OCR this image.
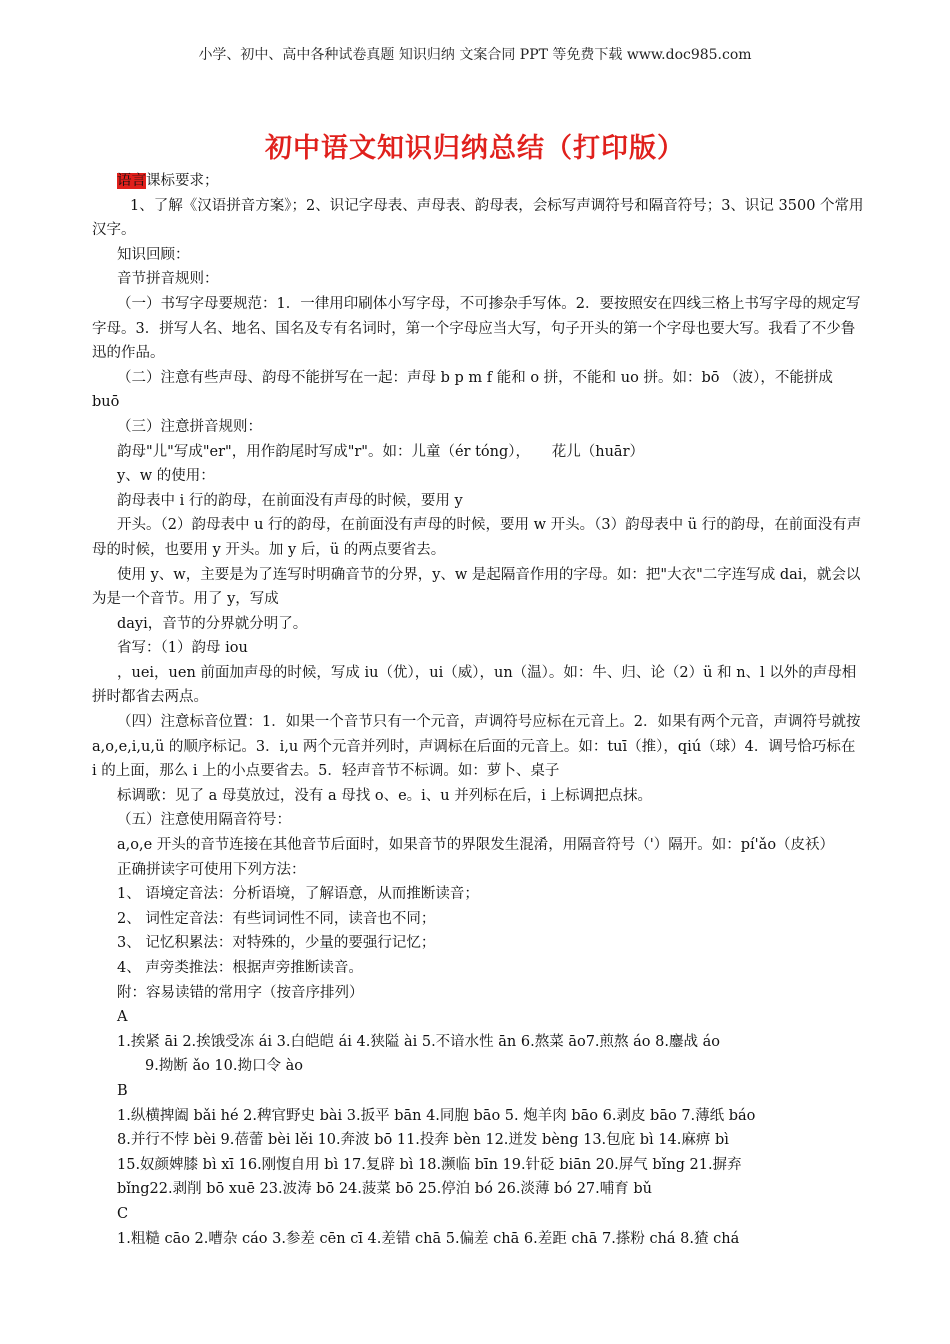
小学、初中、高中各种试卷真题 知识归纳 文案合同 PPT 等免费下载 www.doc985.com
初中语文知识归纳总结（打印版）

语言课标要求；

1、了解《汉语拼音方案》；2、识记字母表、声母表、韵母表，会标写声调符号和隔音符号；3、识记 3500 个常用汉字。

知识回顾：

音节拼音规则：

（一）书写字母要规范：1．一律用印刷体小写字母，不可掺杂手写体。2．要按照安在四线三格上书写字母的规定写字母。3．拼写人名、地名、国名及专有名词时，第一个字母应当大写，句子开头的第一个字母也要大写。我看了不少鲁迅的作品。

（二）注意有些声母、韵母不能拼写在一起：声母 b p m f 能和 o 拼，不能和 uo 拼。如：bō （波），不能拼成 buō

（三）注意拼音规则：

韵母"儿"写成"er"，用作韵尾时写成"r"。如：儿童（ér tóng），　　花儿（huār）

y、w 的使用：

韵母表中 i 行的韵母，在前面没有声母的时候，要用 y

开头。（2）韵母表中 u 行的韵母，在前面没有声母的时候，要用 w 开头。（3）韵母表中 ü 行的韵母，在前面没有声母的时候，也要用 y 开头。加 y 后，ü 的两点要省去。

使用 y、w，主要是为了连写时明确音节的分界，y、w 是起隔音作用的字母。如：把"大衣"二字连写成 dai，就会以为是一个音节。用了 y，写成

dayi，音节的分界就分明了。

省写：（1）韵母 iou

，uei，uen 前面加声母的时候，写成 iu（优），ui（威），un（温）。如：牛、归、论（2）ü 和 n、l 以外的声母相拼时都省去两点。

（四）注意标音位置：1．如果一个音节只有一个元音，声调符号应标在元音上。2．如果有两个元音，声调符号就按 a,o,e,i,u,ü 的顺序标记。3．i,u 两个元音并列时，声调标在后面的元音上。如：tuī（推），qiú（球）4．调号恰巧标在 i 的上面，那么 i 上的小点要省去。5．轻声音节不标调。如：萝卜、桌子

标调歌：见了 a 母莫放过，没有 a 母找 o、e。i、u 并列标在后，i 上标调把点抹。

（五）注意使用隔音符号：

a,o,e 开头的音节连接在其他音节后面时，如果音节的界限发生混淆，用隔音符号（'）隔开。如：pí'ǎo（皮袄）

正确拼读字可使用下列方法：

1、 语境定音法：分析语境，了解语意，从而推断读音；

2、 词性定音法：有些词词性不同，读音也不同；

3、 记忆积累法：对特殊的，少量的要强行记忆；

4、 声旁类推法：根据声旁推断读音。

附：容易读错的常用字（按音序排列）

A

1.挨紧 āi 2.挨饿受冻 ái 3.白皑皑 ái 4.狭隘 ài 5.不谙水性 ān 6.熬菜 āo7.煎熬 áo 8.鏖战 áo

9.拗断 ǎo 10.拗口令 ào

B

1.纵横捭阖 bǎi hé 2.稗官野史 bài 3.扳平 bān 4.同胞 bāo 5. 炮羊肉 bāo 6.剥皮 bāo 7.薄纸 báo

8.并行不悖 bèi 9.蓓蕾 bèi lěi 10.奔波 bō 11.投奔 bèn 12.迸发 bèng 13.包庇 bì 14.麻痹 bì

15.奴颜婢膝 bì xī 16.刚愎自用 bì 17.复辟 bì 18.濒临 bīn 19.针砭 biān 20.屏气 bǐng 21.摒弃

bǐng22.剥削 bō xuē 23.波涛 bō 24.菠菜 bō 25.停泊 bó 26.淡薄 bó 27.哺育 bǔ

C

1.粗糙 cāo 2.嘈杂 cáo 3.参差 cēn cī 4.差错 chā 5.偏差 chā 6.差距 chā 7.搽粉 chá 8.猹 chá
